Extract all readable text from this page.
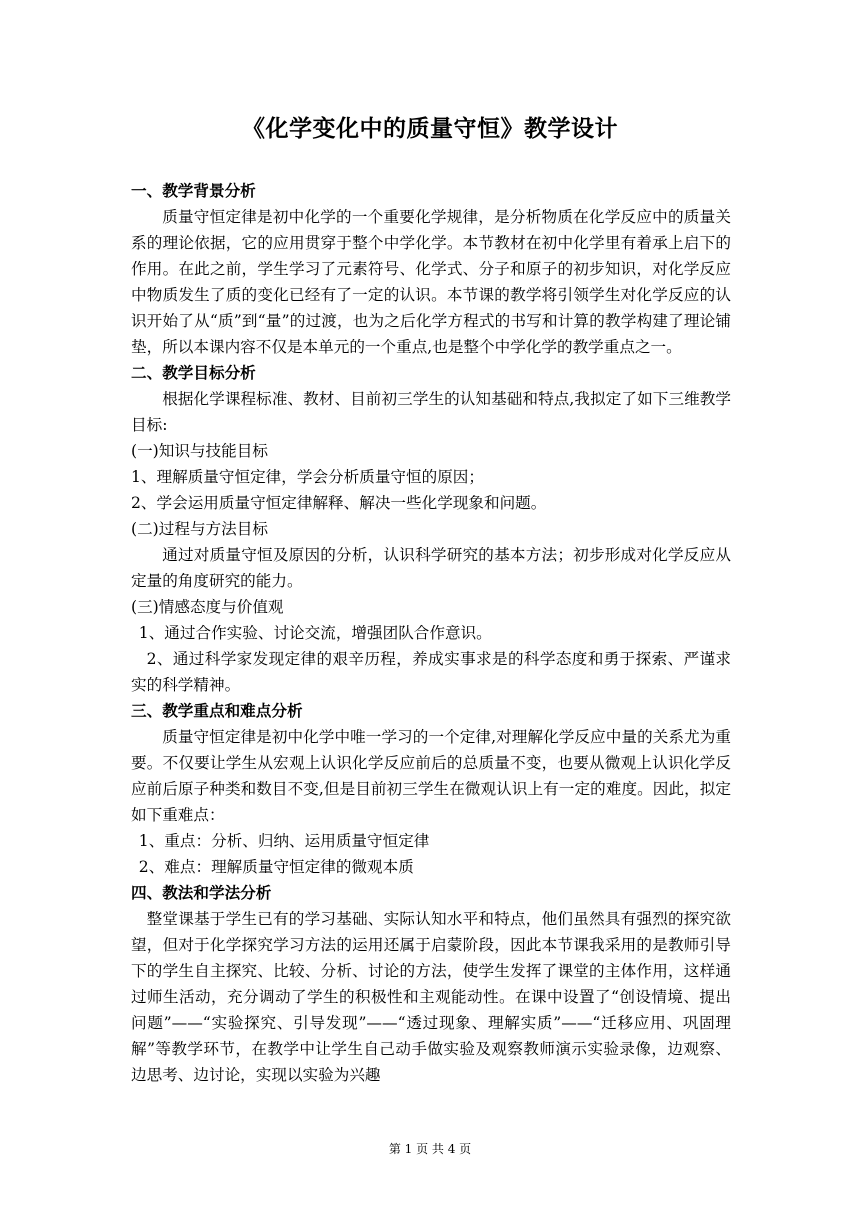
《化学变化中的质量守恒》教学设计

一、教学背景分析

质量守恒定律是初中化学的一个重要化学规律，是分析物质在化学反应中的质量关系的理论依据，它的应用贯穿于整个中学化学。本节教材在初中化学里有着承上启下的作用。在此之前，学生学习了元素符号、化学式、分子和原子的初步知识，对化学反应中物质发生了质的变化已经有了一定的认识。本节课的教学将引领学生对化学反应的认识开始了从“质”到“量”的过渡，也为之后化学方程式的书写和计算的教学构建了理论铺垫，所以本课内容不仅是本单元的一个重点,也是整个中学化学的教学重点之一。

二、教学目标分析

根据化学课程标准、教材、目前初三学生的认知基础和特点,我拟定了如下三维教学目标:

(一)知识与技能目标

1、理解质量守恒定律，学会分析质量守恒的原因；

2、学会运用质量守恒定律解释、解决一些化学现象和问题。

(二)过程与方法目标

通过对质量守恒及原因的分析，认识科学研究的基本方法；初步形成对化学反应从定量的角度研究的能力。

(三)情感态度与价值观

1、通过合作实验、讨论交流，增强团队合作意识。

2、通过科学家发现定律的艰辛历程，养成实事求是的科学态度和勇于探索、严谨求实的科学精神。

三、教学重点和难点分析

质量守恒定律是初中化学中唯一学习的一个定律,对理解化学反应中量的关系尤为重要。不仅要让学生从宏观上认识化学反应前后的总质量不变，也要从微观上认识化学反应前后原子种类和数目不变,但是目前初三学生在微观认识上有一定的难度。因此，拟定如下重难点：

1、重点：分析、归纳、运用质量守恒定律

2、难点：理解质量守恒定律的微观本质

四、教法和学法分析

整堂课基于学生已有的学习基础、实际认知水平和特点，他们虽然具有强烈的探究欲望，但对于化学探究学习方法的运用还属于启蒙阶段，因此本节课我采用的是教师引导下的学生自主探究、比较、分析、讨论的方法，使学生发挥了课堂的主体作用，这样通过师生活动，充分调动了学生的积极性和主观能动性。在课中设置了“创设情境、提出问题”——“实验探究、引导发现”——“透过现象、理解实质”——“迁移应用、巩固理解”等教学环节，在教学中让学生自己动手做实验及观察教师演示实验录像，边观察、边思考、边讨论，实现以实验为兴趣

第 1 页 共 4 页
